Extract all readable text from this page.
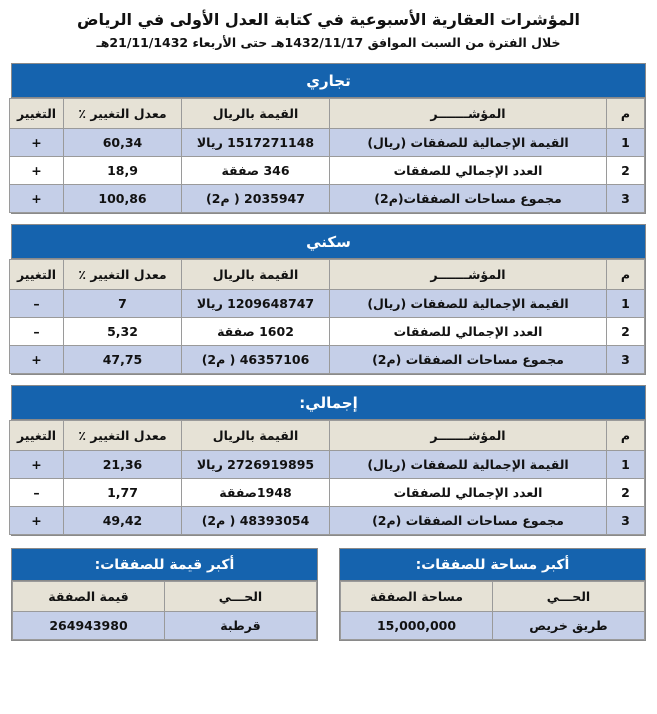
المؤشرات العقارية الأسبوعية في كتابة العدل الأولى في الرياض
خلال الفترة من السبت الموافق 1432/11/17هـ حتى الأربعاء 21/11/1432هـ
تجاري
م	المؤشـــــــر	القيمة بالريال	معدل التغيير ٪	التغيير
1	القيمة الإجمالية للصفقات (ريال)	1517271148 ريالا	60,34	+
2	العدد الإجمالي للصفقات	346 صفقة	18,9	+
3	مجموع مساحات الصفقات(م2)	2035947 ( م2)	100,86	+
سكني
م	المؤشـــــــر	القيمة بالريال	معدل التغيير ٪	التغيير
1	القيمة الإجمالية للصفقات (ريال)	1209648747 ريالا	7	–
2	العدد الإجمالي للصفقات	1602 صفقة	5,32	–
3	مجموع مساحات الصفقات (م2)	46357106 ( م2)	47,75	+
إجمالي:
م	المؤشـــــــر	القيمة بالريال	معدل التغيير ٪	التغيير
1	القيمة الإجمالية للصفقات (ريال)	2726919895 ريالا	21,36	+
2	العدد الإجمالي للصفقات	1948صفقة	1,77	–
3	مجموع مساحات الصفقات (م2)	48393054 ( م2)	49,42	+
أكبر قيمة للصفقات:
الحـــي	قيمة الصفقة
قرطبة	264943980
أكبر مساحة للصفقات:
الحـــي	مساحة الصفقة
طريق خريص	15,000,000
